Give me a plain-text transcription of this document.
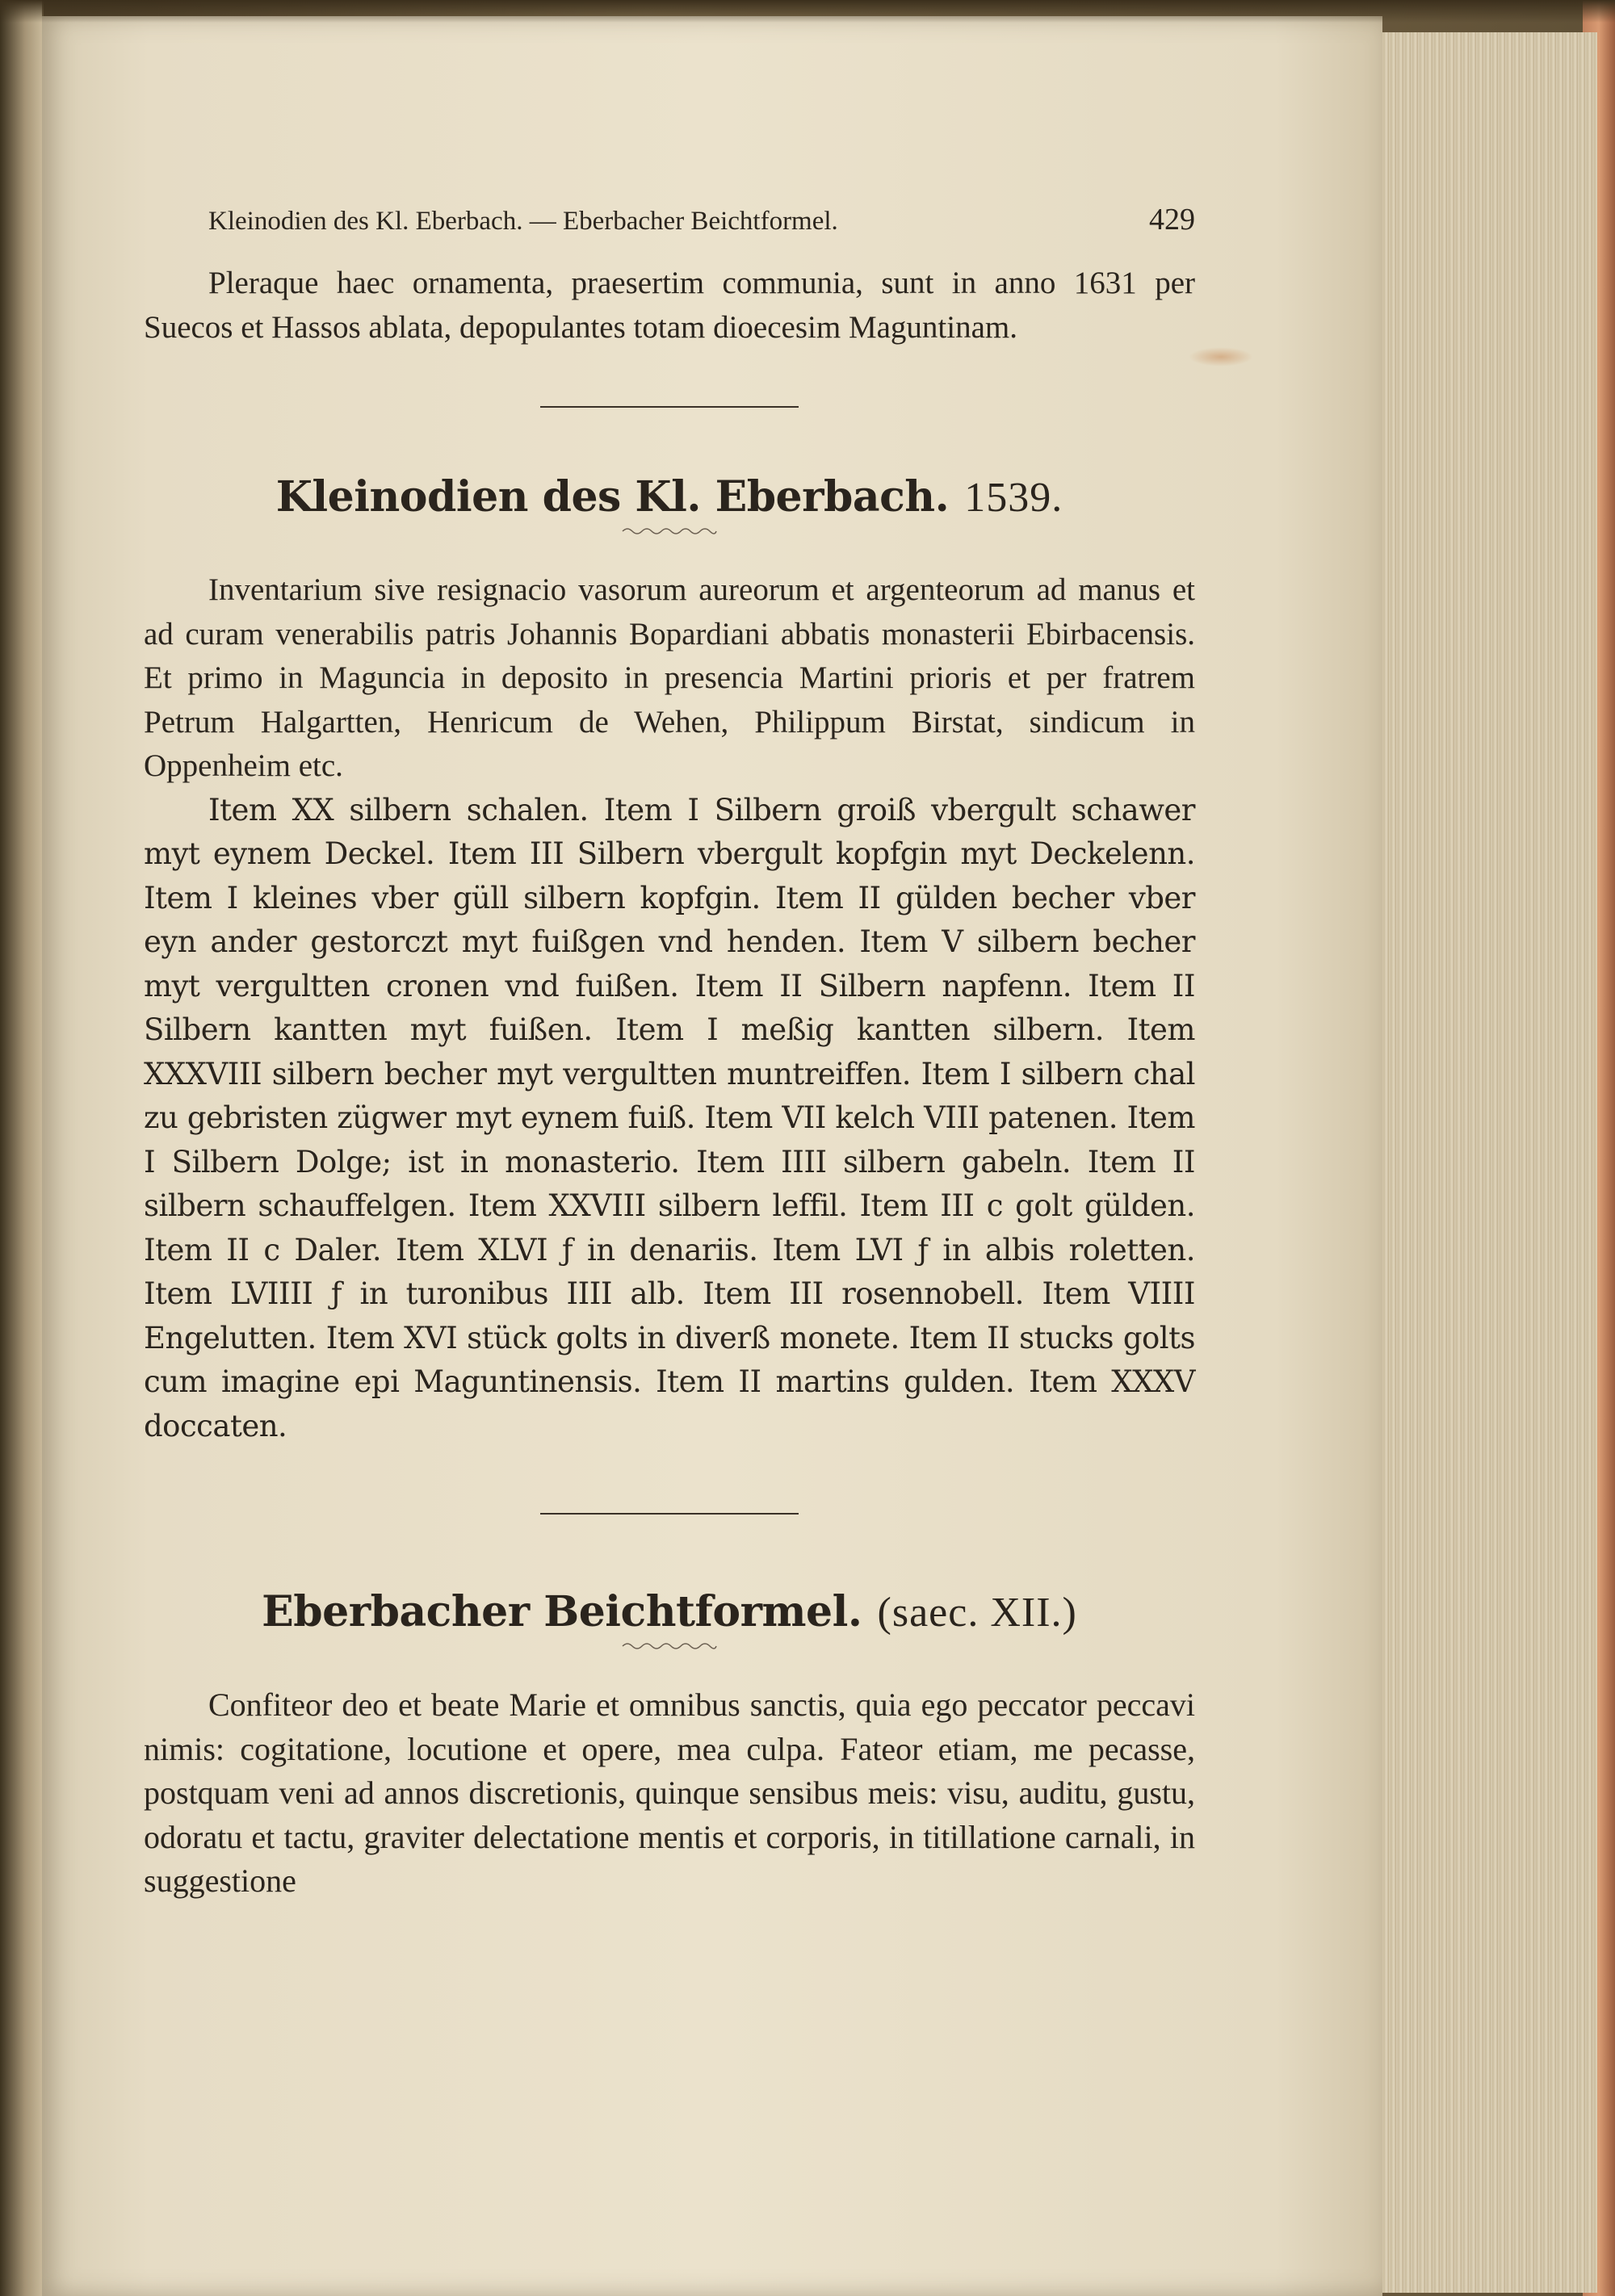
Kleinodien des Kl. Eberbach. — Eberbacher Beichtformel.	429

Pleraque haec ornamenta, praesertim communia, sunt in anno 1631 per Suecos et Hassos ablata, depopulantes totam dioecesim Maguntinam.

Kleinodien des Kl. Eberbach. 1539.

Inventarium sive resignacio vasorum aureorum et argenteorum ad manus et ad curam venerabilis patris Johannis Bopardiani abbatis monasterii Ebirbacensis. Et primo in Maguncia in deposito in presencia Martini prioris et per fratrem Petrum Halgartten, Henricum de Wehen, Philippum Birstat, sindicum in Oppenheim etc.

Item XX silbern schalen. Item I Silbern groiß vbergult schawer myt eynem Deckel. Item III Silbern vbergult kopfgin myt Deckelenn. Item I kleines vber güll silbern kopfgin. Item II gülden becher vber eyn ander gestorczt myt fuißgen vnd henden. Item V silbern becher myt vergultten cronen vnd fuißen. Item II Silbern napfenn. Item II Silbern kantten myt fuißen. Item I meßig kantten silbern. Item XXXVIII silbern becher myt vergultten muntreiffen. Item I silbern chal zu gebristen zügwer myt eynem fuiß. Item VII kelch VIII patenen. Item I Silbern Dolge; ist in monasterio. Item IIII silbern gabeln. Item II silbern schauffelgen. Item XXVIII silbern leffil. Item III c golt gülden. Item II c Daler. Item XLVI ƒ in denariis. Item LVI ƒ in albis roletten. Item LVIIII ƒ in turonibus IIII alb. Item III rosennobell. Item VIIII Engelutten. Item XVI stück golts in diverß monete. Item II stucks golts cum imagine epi Maguntinensis. Item II martins gulden. Item XXXV doccaten.

Eberbacher Beichtformel. (saec. XII.)

Confiteor deo et beate Marie et omnibus sanctis, quia ego peccator peccavi nimis: cogitatione, locutione et opere, mea culpa. Fateor etiam, me pecasse, postquam veni ad annos discretionis, quinque sensibus meis: visu, auditu, gustu, odoratu et tactu, graviter delectatione mentis et corporis, in titillatione carnali, in suggestione
